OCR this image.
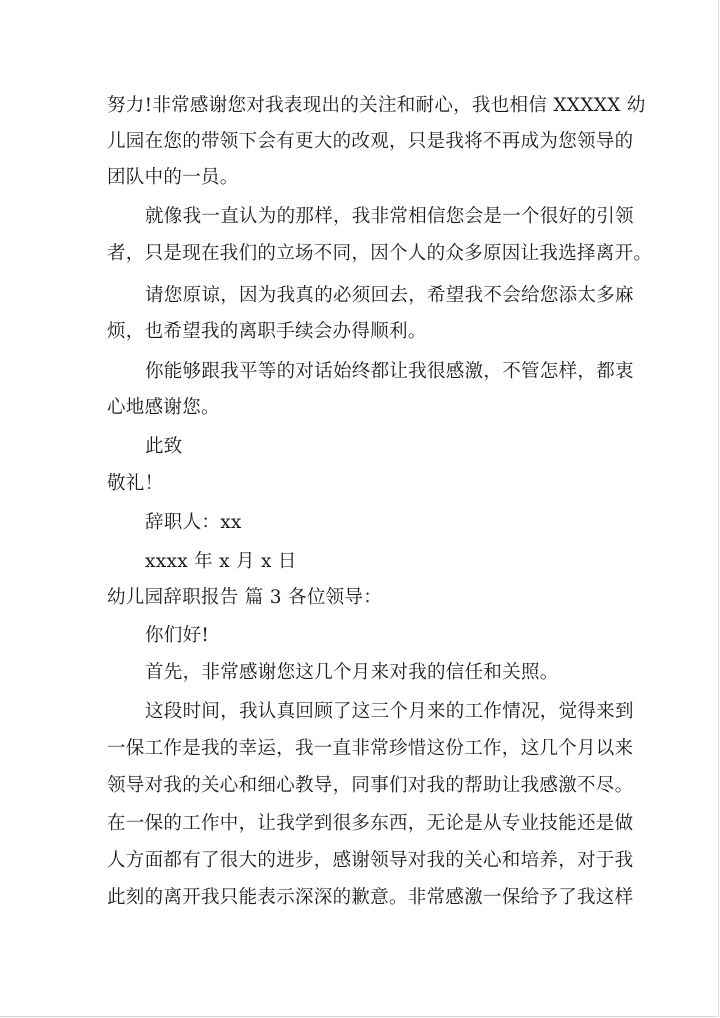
努力!非常感谢您对我表现出的关注和耐心，我也相信 XXXXX 幼
儿园在您的带领下会有更大的改观，只是我将不再成为您领导的
团队中的一员。
就像我一直认为的那样，我非常相信您会是一个很好的引领
者，只是现在我们的立场不同，因个人的众多原因让我选择离开。
请您原谅，因为我真的必须回去，希望我不会给您添太多麻
烦，也希望我的离职手续会办得顺利。
你能够跟我平等的对话始终都让我很感激，不管怎样，都衷
心地感谢您。
此致
敬礼！
辞职人：xx
xxxx 年 x 月 x 日
幼儿园辞职报告 篇 3 各位领导：
你们好!
首先，非常感谢您这几个月来对我的信任和关照。
这段时间，我认真回顾了这三个月来的工作情况，觉得来到
一保工作是我的幸运，我一直非常珍惜这份工作，这几个月以来
领导对我的关心和细心教导，同事们对我的帮助让我感激不尽。
在一保的工作中，让我学到很多东西，无论是从专业技能还是做
人方面都有了很大的进步，感谢领导对我的关心和培养，对于我
此刻的离开我只能表示深深的歉意。非常感激一保给予了我这样
